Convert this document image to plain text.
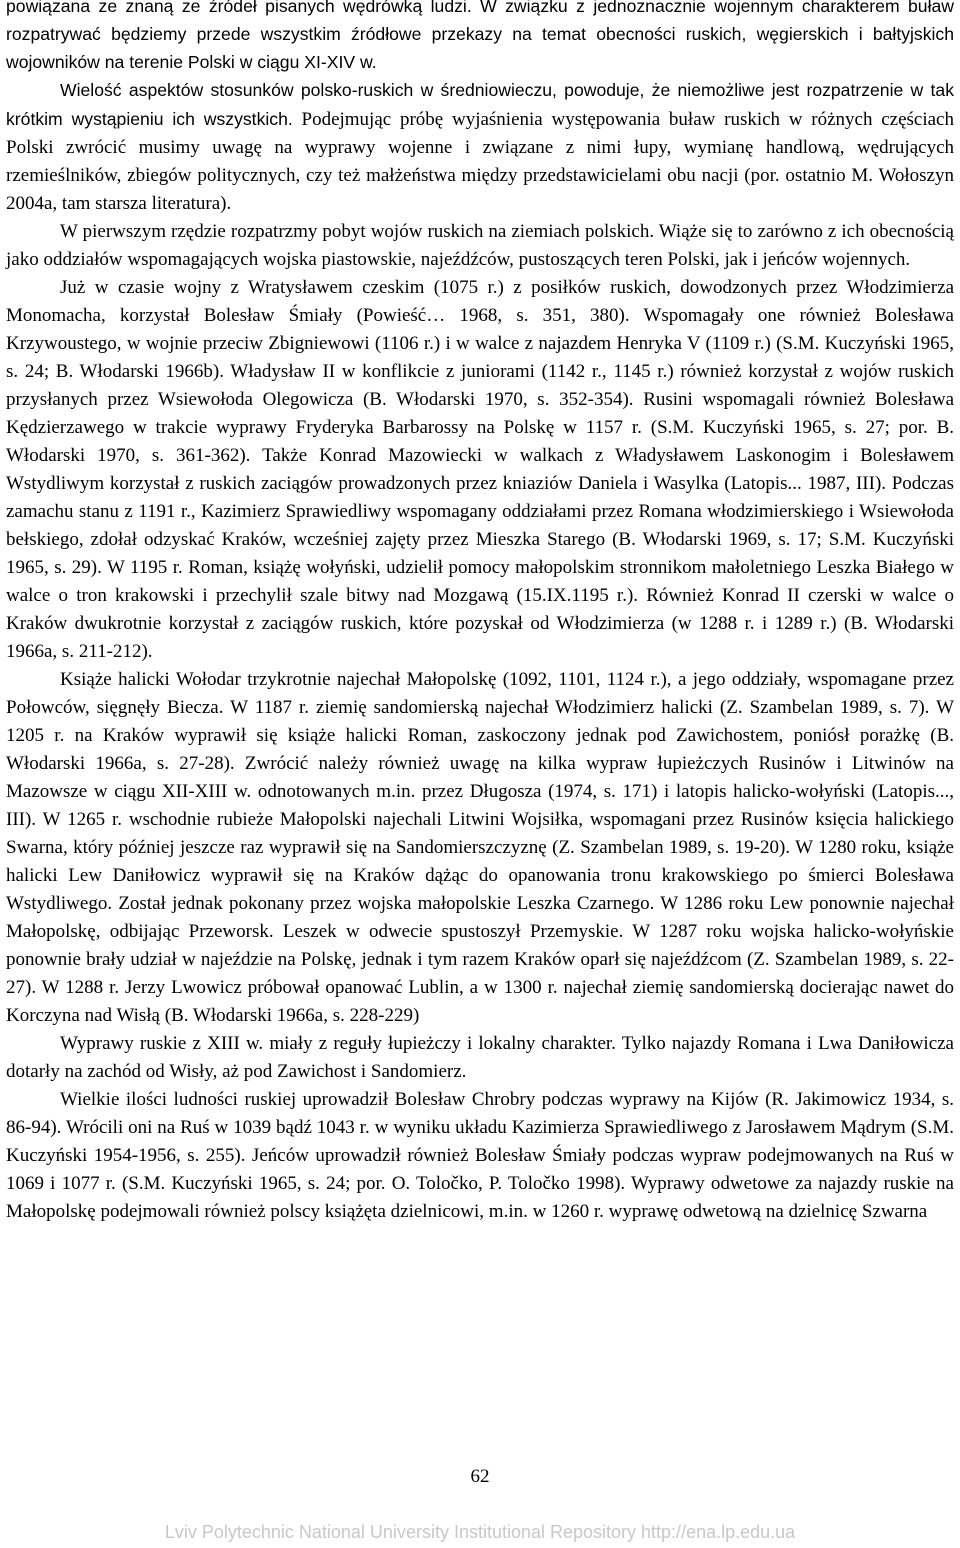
powiązana ze znaną ze źródeł pisanych wędrówką ludzi. W związku z jednoznacznie wojennym charakterem buław rozpatrywać będziemy przede wszystkim źródłowe przekazy na temat obecności ruskich, węgierskich i bałtyjskich wojowników na terenie Polski w ciągu XI-XIV w.

Wielość aspektów stosunków polsko-ruskich w średniowieczu, powoduje, że niemożliwe jest rozpatrzenie w tak krótkim wystąpieniu ich wszystkich. Podejmując próbę wyjaśnienia występowania buław ruskich w różnych częściach Polski zwrócić musimy uwagę na wyprawy wojenne i związane z nimi łupy, wymianę handlową, wędrujących rzemieślników, zbiegów politycznych, czy też małżeństwa między przedstawicielami obu nacji (por. ostatnio M. Wołoszyn 2004a, tam starsza literatura).

W pierwszym rzędzie rozpatrzmy pobyt wojów ruskich na ziemiach polskich. Wiąże się to zarówno z ich obecnością jako oddziałów wspomagających wojska piastowskie, najeźdźców, pustoszących teren Polski, jak i jeńców wojennych.

Już w czasie wojny z Wratysławem czeskim (1075 r.) z posiłków ruskich, dowodzonych przez Włodzimierza Monomacha, korzystał Bolesław Śmiały (Powieść… 1968, s. 351, 380). Wspomagały one również Bolesława Krzywoustego, w wojnie przeciw Zbigniewowi (1106 r.) i w walce z najazdem Henryka V (1109 r.) (S.M. Kuczyński 1965, s. 24; B. Włodarski 1966b). Władysław II w konflikcie z juniorami (1142 r., 1145 r.) również korzystał z wojów ruskich przysłanych przez Wsiewołoda Olegowicza (B. Włodarski 1970, s. 352-354). Rusini wspomagali również Bolesława Kędzierzawego w trakcie wyprawy Fryderyka Barbarossy na Polskę w 1157 r. (S.M. Kuczyński 1965, s. 27; por. B. Włodarski 1970, s. 361-362). Także Konrad Mazowiecki w walkach z Władysławem Laskonogim i Bolesławem Wstydliwym korzystał z ruskich zaciągów prowadzonych przez kniaziów Daniela i Wasylka (Latopis... 1987, III). Podczas zamachu stanu z 1191 r., Kazimierz Sprawiedliwy wspomagany oddziałami przez Romana włodzimierskiego i Wsiewołoda bełskiego, zdołał odzyskać Kraków, wcześniej zajęty przez Mieszka Starego (B. Włodarski 1969, s. 17; S.M. Kuczyński 1965, s. 29). W 1195 r. Roman, książę wołyński, udzielił pomocy małopolskim stronnikom małoletniego Leszka Białego w walce o tron krakowski i przechylił szale bitwy nad Mozgawą (15.IX.1195 r.). Również Konrad II czerski w walce o Kraków dwukrotnie korzystał z zaciągów ruskich, które pozyskał od Włodzimierza (w 1288 r. i 1289 r.) (B. Włodarski 1966a, s. 211-212).

Książe halicki Wołodar trzykrotnie najechał Małopolskę (1092, 1101, 1124 r.), a jego oddziały, wspomagane przez Połowców, sięgnęły Biecza. W 1187 r. ziemię sandomierską najechał Włodzimierz halicki (Z. Szambelan 1989, s. 7). W 1205 r. na Kraków wyprawił się książe halicki Roman, zaskoczony jednak pod Zawichostem, poniósł porażkę (B. Włodarski 1966a, s. 27-28). Zwrócić należy również uwagę na kilka wypraw łupieżczych Rusinów i Litwinów na Mazowsze w ciągu XII-XIII w. odnotowanych m.in. przez Długosza (1974, s. 171) i latopis halicko-wołyński (Latopis..., III). W 1265 r. wschodnie rubieże Małopolski najechali Litwini Wojsiłka, wspomagani przez Rusinów księcia halickiego Swarna, który później jeszcze raz wyprawił się na Sandomierszczyznę (Z. Szambelan 1989, s. 19-20). W 1280 roku, książe halicki Lew Daniłowicz wyprawił się na Kraków dążąc do opanowania tronu krakowskiego po śmierci Bolesława Wstydliwego. Został jednak pokonany przez wojska małopolskie Leszka Czarnego. W 1286 roku Lew ponownie najechał Małopolskę, odbijając Przeworsk. Leszek w odwecie spustoszył Przemyskie. W 1287 roku wojska halicko-wołyńskie ponownie brały udział w najeździe na Polskę, jednak i tym razem Kraków oparł się najeźdźcom (Z. Szambelan 1989, s. 22-27). W 1288 r. Jerzy Lwowicz próbował opanować Lublin, a w 1300 r. najechał ziemię sandomierską docierając nawet do Korczyna nad Wisłą (B. Włodarski 1966a, s. 228-229)

Wyprawy ruskie z XIII w. miały z reguły łupieżczy i lokalny charakter. Tylko najazdy Romana i Lwa Daniłowicza dotarły na zachód od Wisły, aż pod Zawichost i Sandomierz.

Wielkie ilości ludności ruskiej uprowadził Bolesław Chrobry podczas wyprawy na Kijów (R. Jakimowicz 1934, s. 86-94). Wrócili oni na Ruś w 1039 bądź 1043 r. w wyniku układu Kazimierza Sprawiedliwego z Jarosławem Mądrym (S.M. Kuczyński 1954-1956, s. 255). Jeńców uprowadził również Bolesław Śmiały podczas wypraw podejmowanych na Ruś w 1069 i 1077 r. (S.M. Kuczyński 1965, s. 24; por. O. Toločko, P. Toločko 1998). Wyprawy odwetowe za najazdy ruskie na Małopolskę podejmowali również polscy książęta dzielnicowi, m.in. w 1260 r. wyprawę odwetową na dzielnicę Szwarna

62
Lviv Polytechnic National University Institutional Repository http://ena.lp.edu.ua
